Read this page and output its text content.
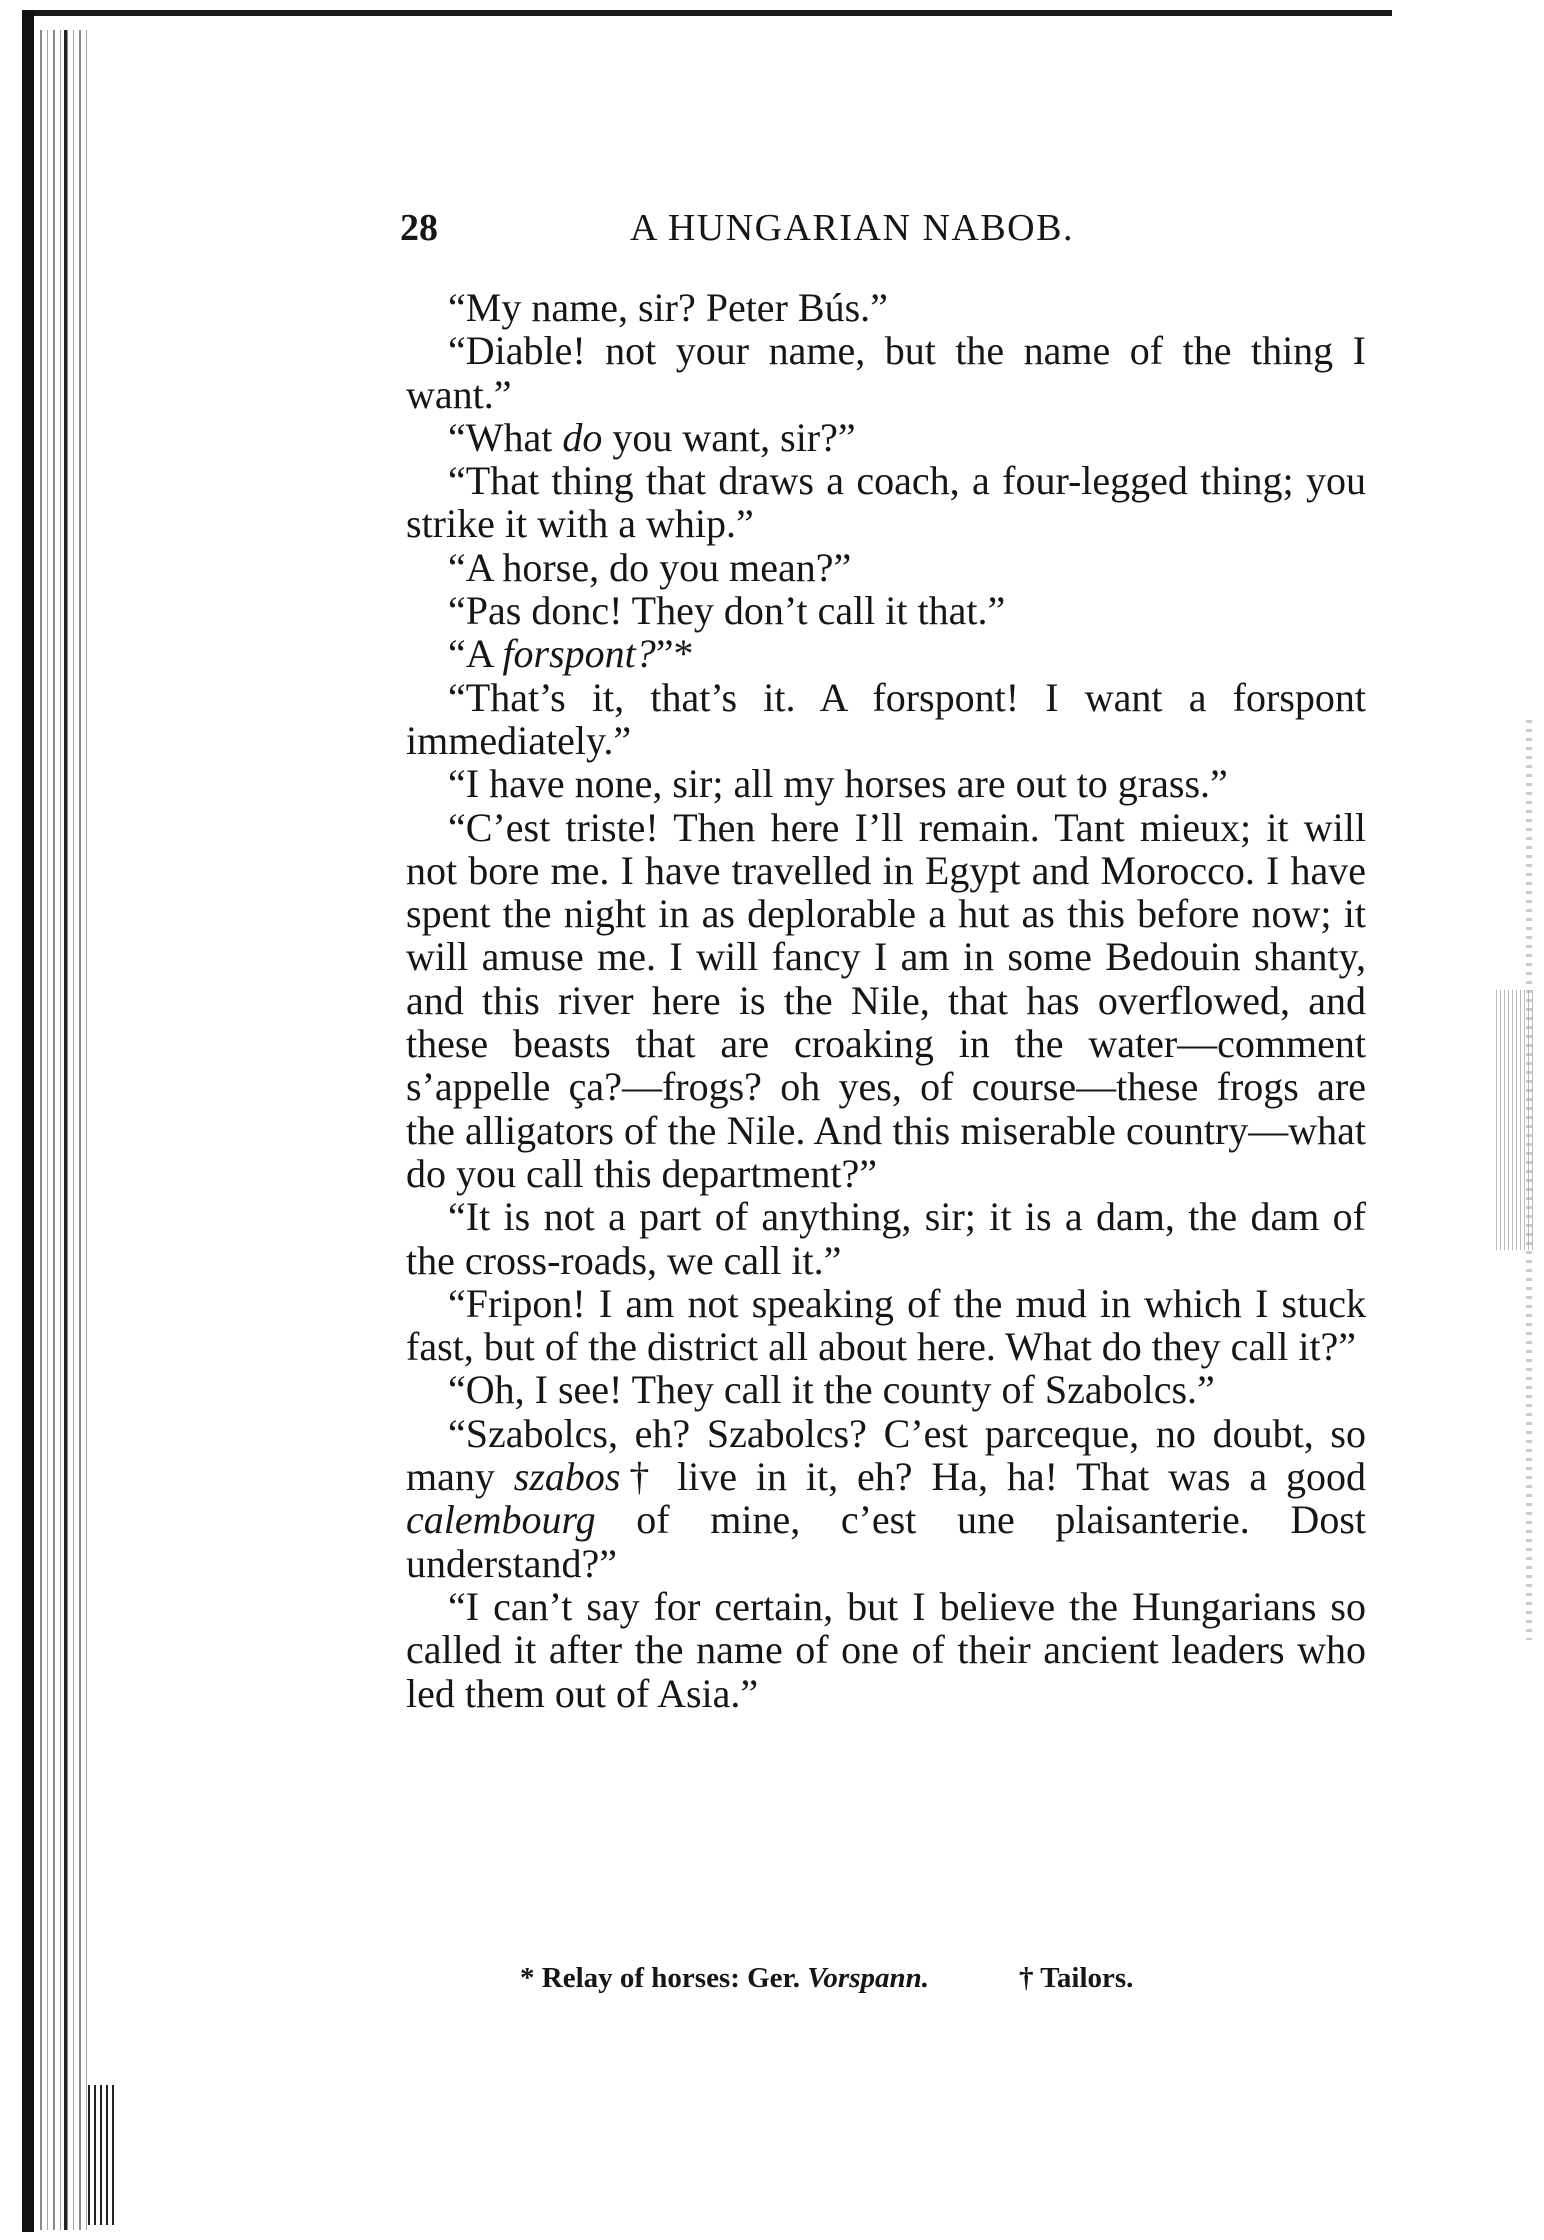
28	A HUNGARIAN NABOB.

“My name, sir? Peter Bús.”

“Diable! not your name, but the name of the thing I want.”

“What do you want, sir?”

“That thing that draws a coach, a four-legged thing; you strike it with a whip.”

“A horse, do you mean?”

“Pas donc! They don’t call it that.”

“A forspont?”*

“That’s it, that’s it. A forspont! I want a forspont immediately.”

“I have none, sir; all my horses are out to grass.”

“C’est triste! Then here I’ll remain. Tant mieux; it will not bore me. I have travelled in Egypt and Morocco. I have spent the night in as deplorable a hut as this before now; it will amuse me. I will fancy I am in some Bedouin shanty, and this river here is the Nile, that has overflowed, and these beasts that are croaking in the water—comment s’appelle ça?—frogs? oh yes, of course—these frogs are the alligators of the Nile. And this miserable country—what do you call this department?”

“It is not a part of anything, sir; it is a dam, the dam of the cross-roads, we call it.”

“Fripon! I am not speaking of the mud in which I stuck fast, but of the district all about here. What do they call it?”

“Oh, I see! They call it the county of Szabolcs.”

“Szabolcs, eh? Szabolcs? C’est parceque, no doubt, so many szabos† live in it, eh? Ha, ha! That was a good calembourg of mine, c’est une plaisanterie. Dost understand?”

“I can’t say for certain, but I believe the Hungarians so called it after the name of one of their ancient leaders who led them out of Asia.”

* Relay of horses: Ger. Vorspann.	† Tailors.
